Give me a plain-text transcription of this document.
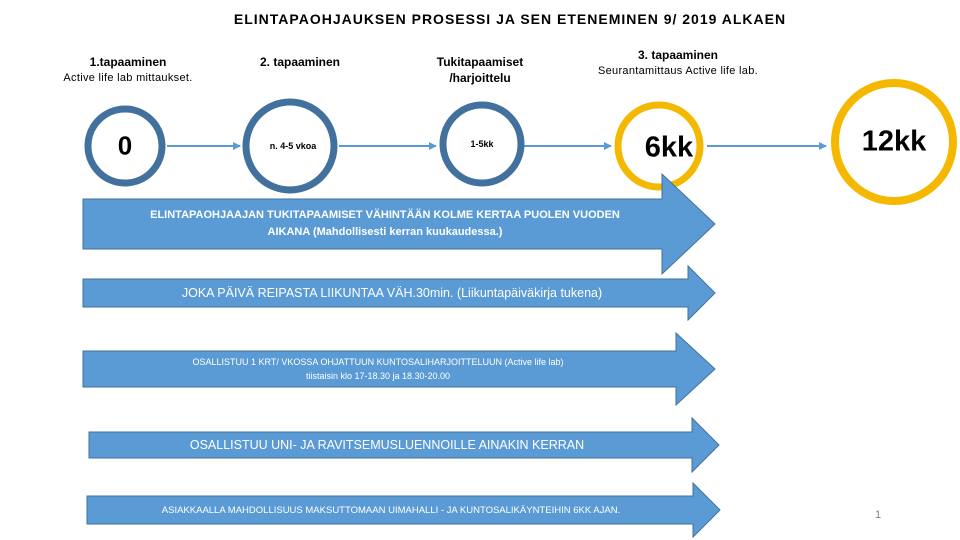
ELINTAPAOHJAUKSEN PROSESSI JA SEN ETENEMINEN 9/ 2019 ALKAEN
1.tapaaminen
Active life lab mittaukset.
2. tapaaminen	Tukitapaamiset
/harjoittelu
3. tapaaminen
Seurantamittaus Active life lab.
0	n. 4-5 vkoa	1-5kk	6kk	12kk
ELINTAPAOHJAAJAN TUKITAPAAMISET VÄHINTÄÄN KOLME KERTAA PUOLEN VUODEN
AIKANA (Mahdollisesti kerran kuukaudessa.)
JOKA PÄIVÄ REIPASTA LIIKUNTAA VÄH.30min. (Liikuntapäiväkirja tukena)
OSALLISTUU 1 KRT/ VKOSSA OHJATTUUN KUNTOSALIHARJOITTELUUN (Active life lab)
tiistaisin klo 17-18.30 ja 18.30-20.00
OSALLISTUU UNI- JA RAVITSEMUSLUENNOILLE AINAKIN KERRAN
ASIAKKAALLA MAHDOLLISUUS MAKSUTTOMAAN UIMAHALLI - JA KUNTOSALIKÄYNTEIHIN 6KK AJAN.	1
